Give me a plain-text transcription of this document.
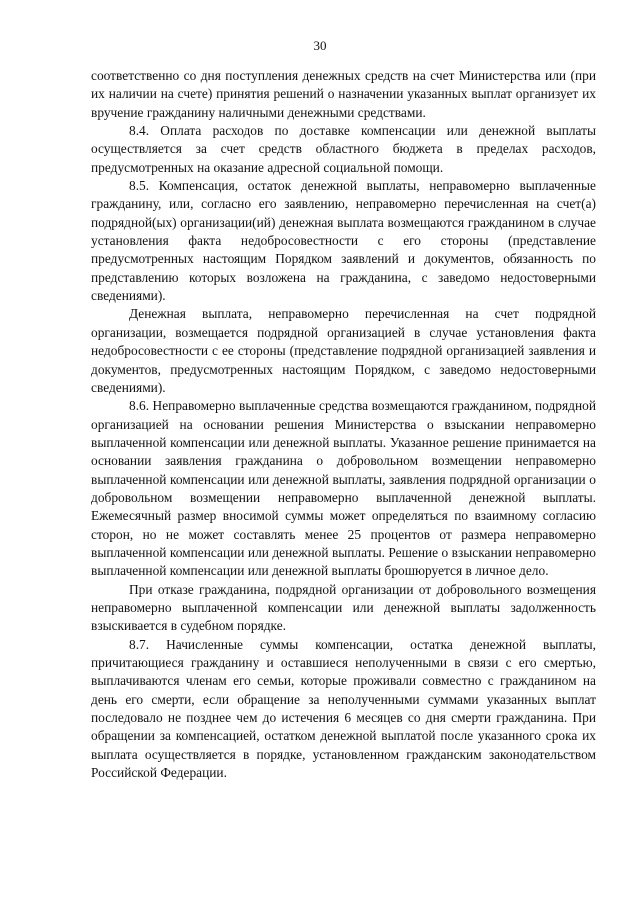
30

соответственно со дня поступления денежных средств на счет Министерства или (при их наличии на счете) принятия решений о назначении указанных выплат организует их вручение гражданину наличными денежными средствами.

8.4. Оплата расходов по доставке компенсации или денежной выплаты осуществляется за счет средств областного бюджета в пределах расходов, предусмотренных на оказание адресной социальной помощи.

8.5. Компенсация, остаток денежной выплаты, неправомерно выплаченные гражданину, или, согласно его заявлению, неправомерно перечисленная на счет(а) подрядной(ых) организации(ий) денежная выплата возмещаются гражданином в случае установления факта недобросовестности с его стороны (представление предусмотренных настоящим Порядком заявлений и документов, обязанность по представлению которых возложена на гражданина, с заведомо недостоверными сведениями).

Денежная выплата, неправомерно перечисленная на счет подрядной организации, возмещается подрядной организацией в случае установления факта недобросовестности с ее стороны (представление подрядной организацией заявления и документов, предусмотренных настоящим Порядком, с заведомо недостоверными сведениями).

8.6. Неправомерно выплаченные средства возмещаются гражданином, подрядной организацией на основании решения Министерства о взыскании неправомерно выплаченной компенсации или денежной выплаты. Указанное решение принимается на основании заявления гражданина о добровольном возмещении неправомерно выплаченной компенсации или денежной выплаты, заявления подрядной организации о добровольном возмещении неправомерно выплаченной денежной выплаты. Ежемесячный размер вносимой суммы может определяться по взаимному согласию сторон, но не может составлять менее 25 процентов от размера неправомерно выплаченной компенсации или денежной выплаты. Решение о взыскании неправомерно выплаченной компенсации или денежной выплаты брошюруется в личное дело.

При отказе гражданина, подрядной организации от добровольного возмещения неправомерно выплаченной компенсации или денежной выплаты задолженность взыскивается в судебном порядке.

8.7. Начисленные суммы компенсации, остатка денежной выплаты, причитающиеся гражданину и оставшиеся неполученными в связи с его смертью, выплачиваются членам его семьи, которые проживали совместно с гражданином на день его смерти, если обращение за неполученными суммами указанных выплат последовало не позднее чем до истечения 6 месяцев со дня смерти гражданина. При обращении за компенсацией, остатком денежной выплатой после указанного срока их выплата осуществляется в порядке, установленном гражданским законодательством Российской Федерации.
